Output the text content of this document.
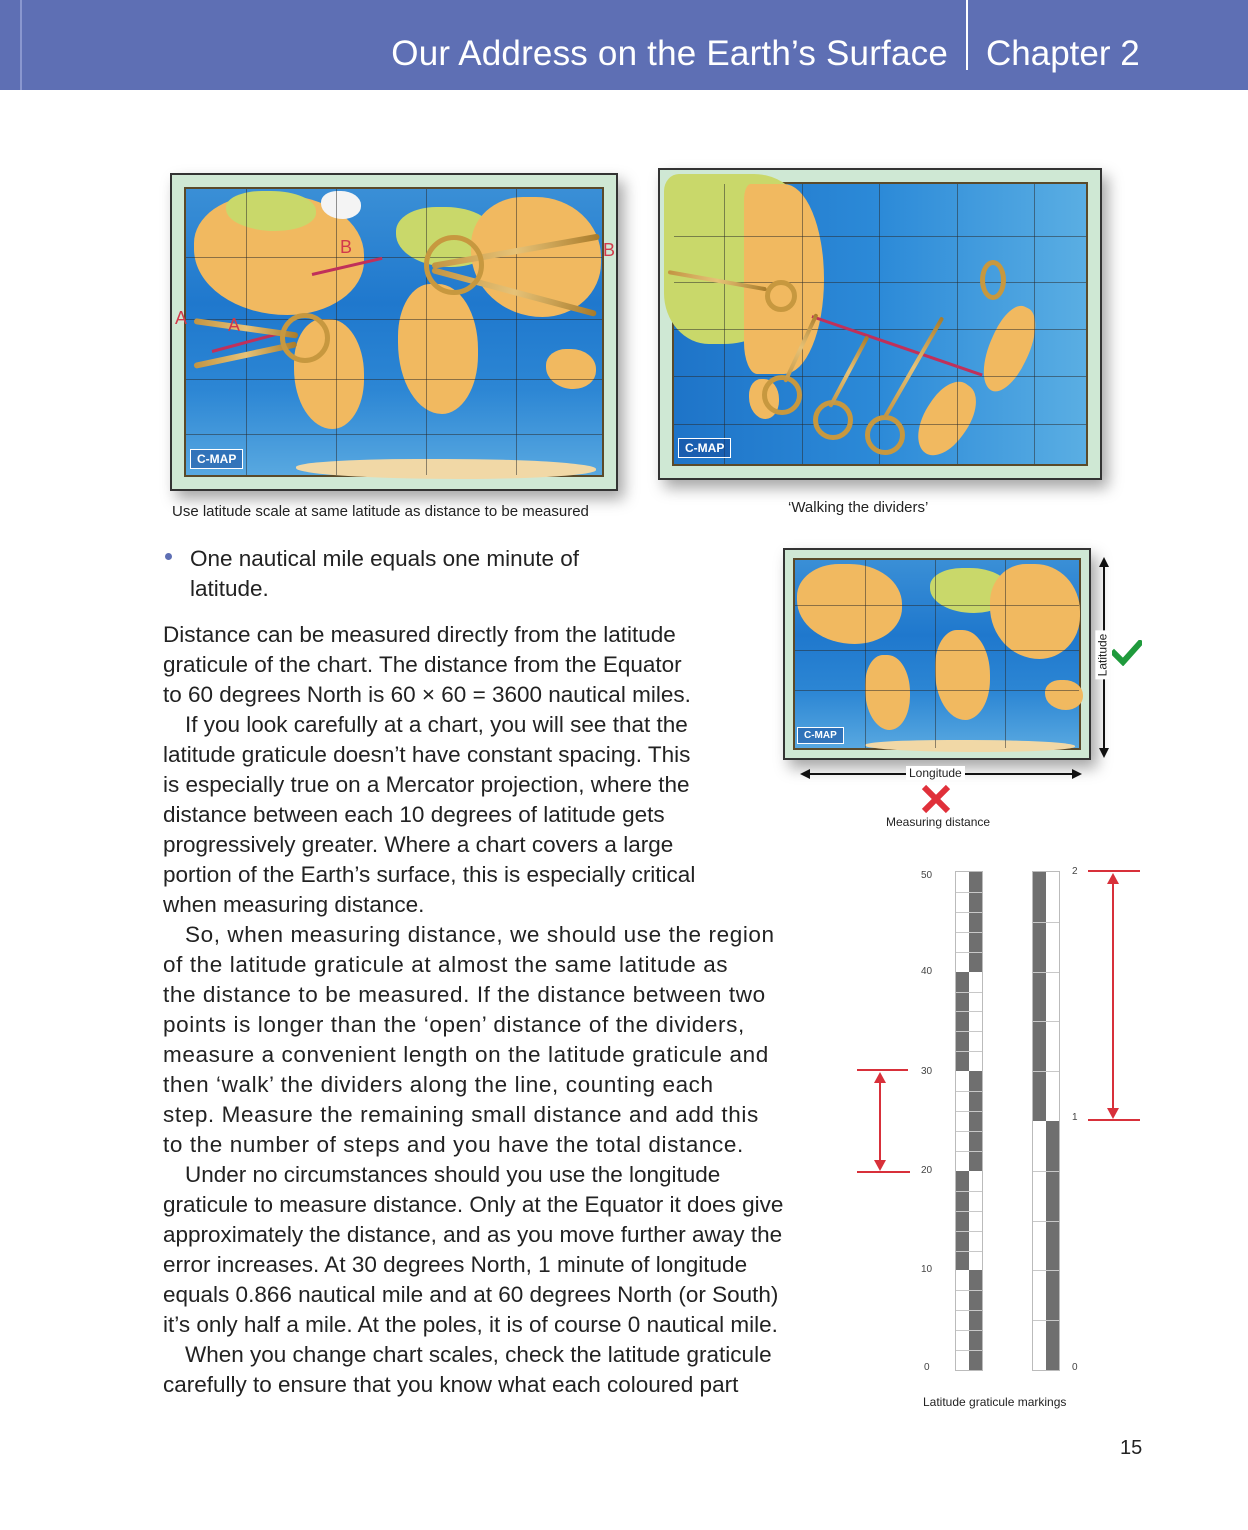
Our Address on the Earth’s Surface Chapter 2
B
A
C-MAP
A
B
Use latitude scale at same latitude as distance to be measured
C-MAP
‘Walking the dividers’
One nautical mile equals one minute of
latitude.
Distance can be measured directly from the latitude
graticule of the chart. The distance from the Equator
to 60 degrees North is 60 × 60 = 3600 nautical miles.
If you look carefully at a chart, you will see that the
latitude graticule doesn’t have constant spacing. This
is especially true on a Mercator projection, where the
distance between each 10 degrees of latitude gets
progressively greater. Where a chart covers a large
portion of the Earth’s surface, this is especially critical
when measuring distance.
So, when measuring distance, we should use the region
of the latitude graticule at almost the same latitude as
the distance to be measured. If the distance between two
points is longer than the ‘open’ distance of the dividers,
measure a convenient length on the latitude graticule and
then ‘walk’ the dividers along the line, counting each
step. Measure the remaining small distance and add this
to the number of steps and you have the total distance.
Under no circumstances should you use the longitude
graticule to measure distance. Only at the Equator it does give
approximately the distance, and as you move further away the
error increases. At 30 degrees North, 1 minute of longitude
equals 0.866 nautical mile and at 60 degrees North (or South)
it’s only half a mile. At the poles, it is of course 0 nautical mile.
When you change chart scales, check the latitude graticule
carefully to ensure that you know what each coloured part
C-MAP
Latitude
Longitude
Measuring distance
50
40
30
20
10
0
2
1
0
Latitude graticule markings
15
